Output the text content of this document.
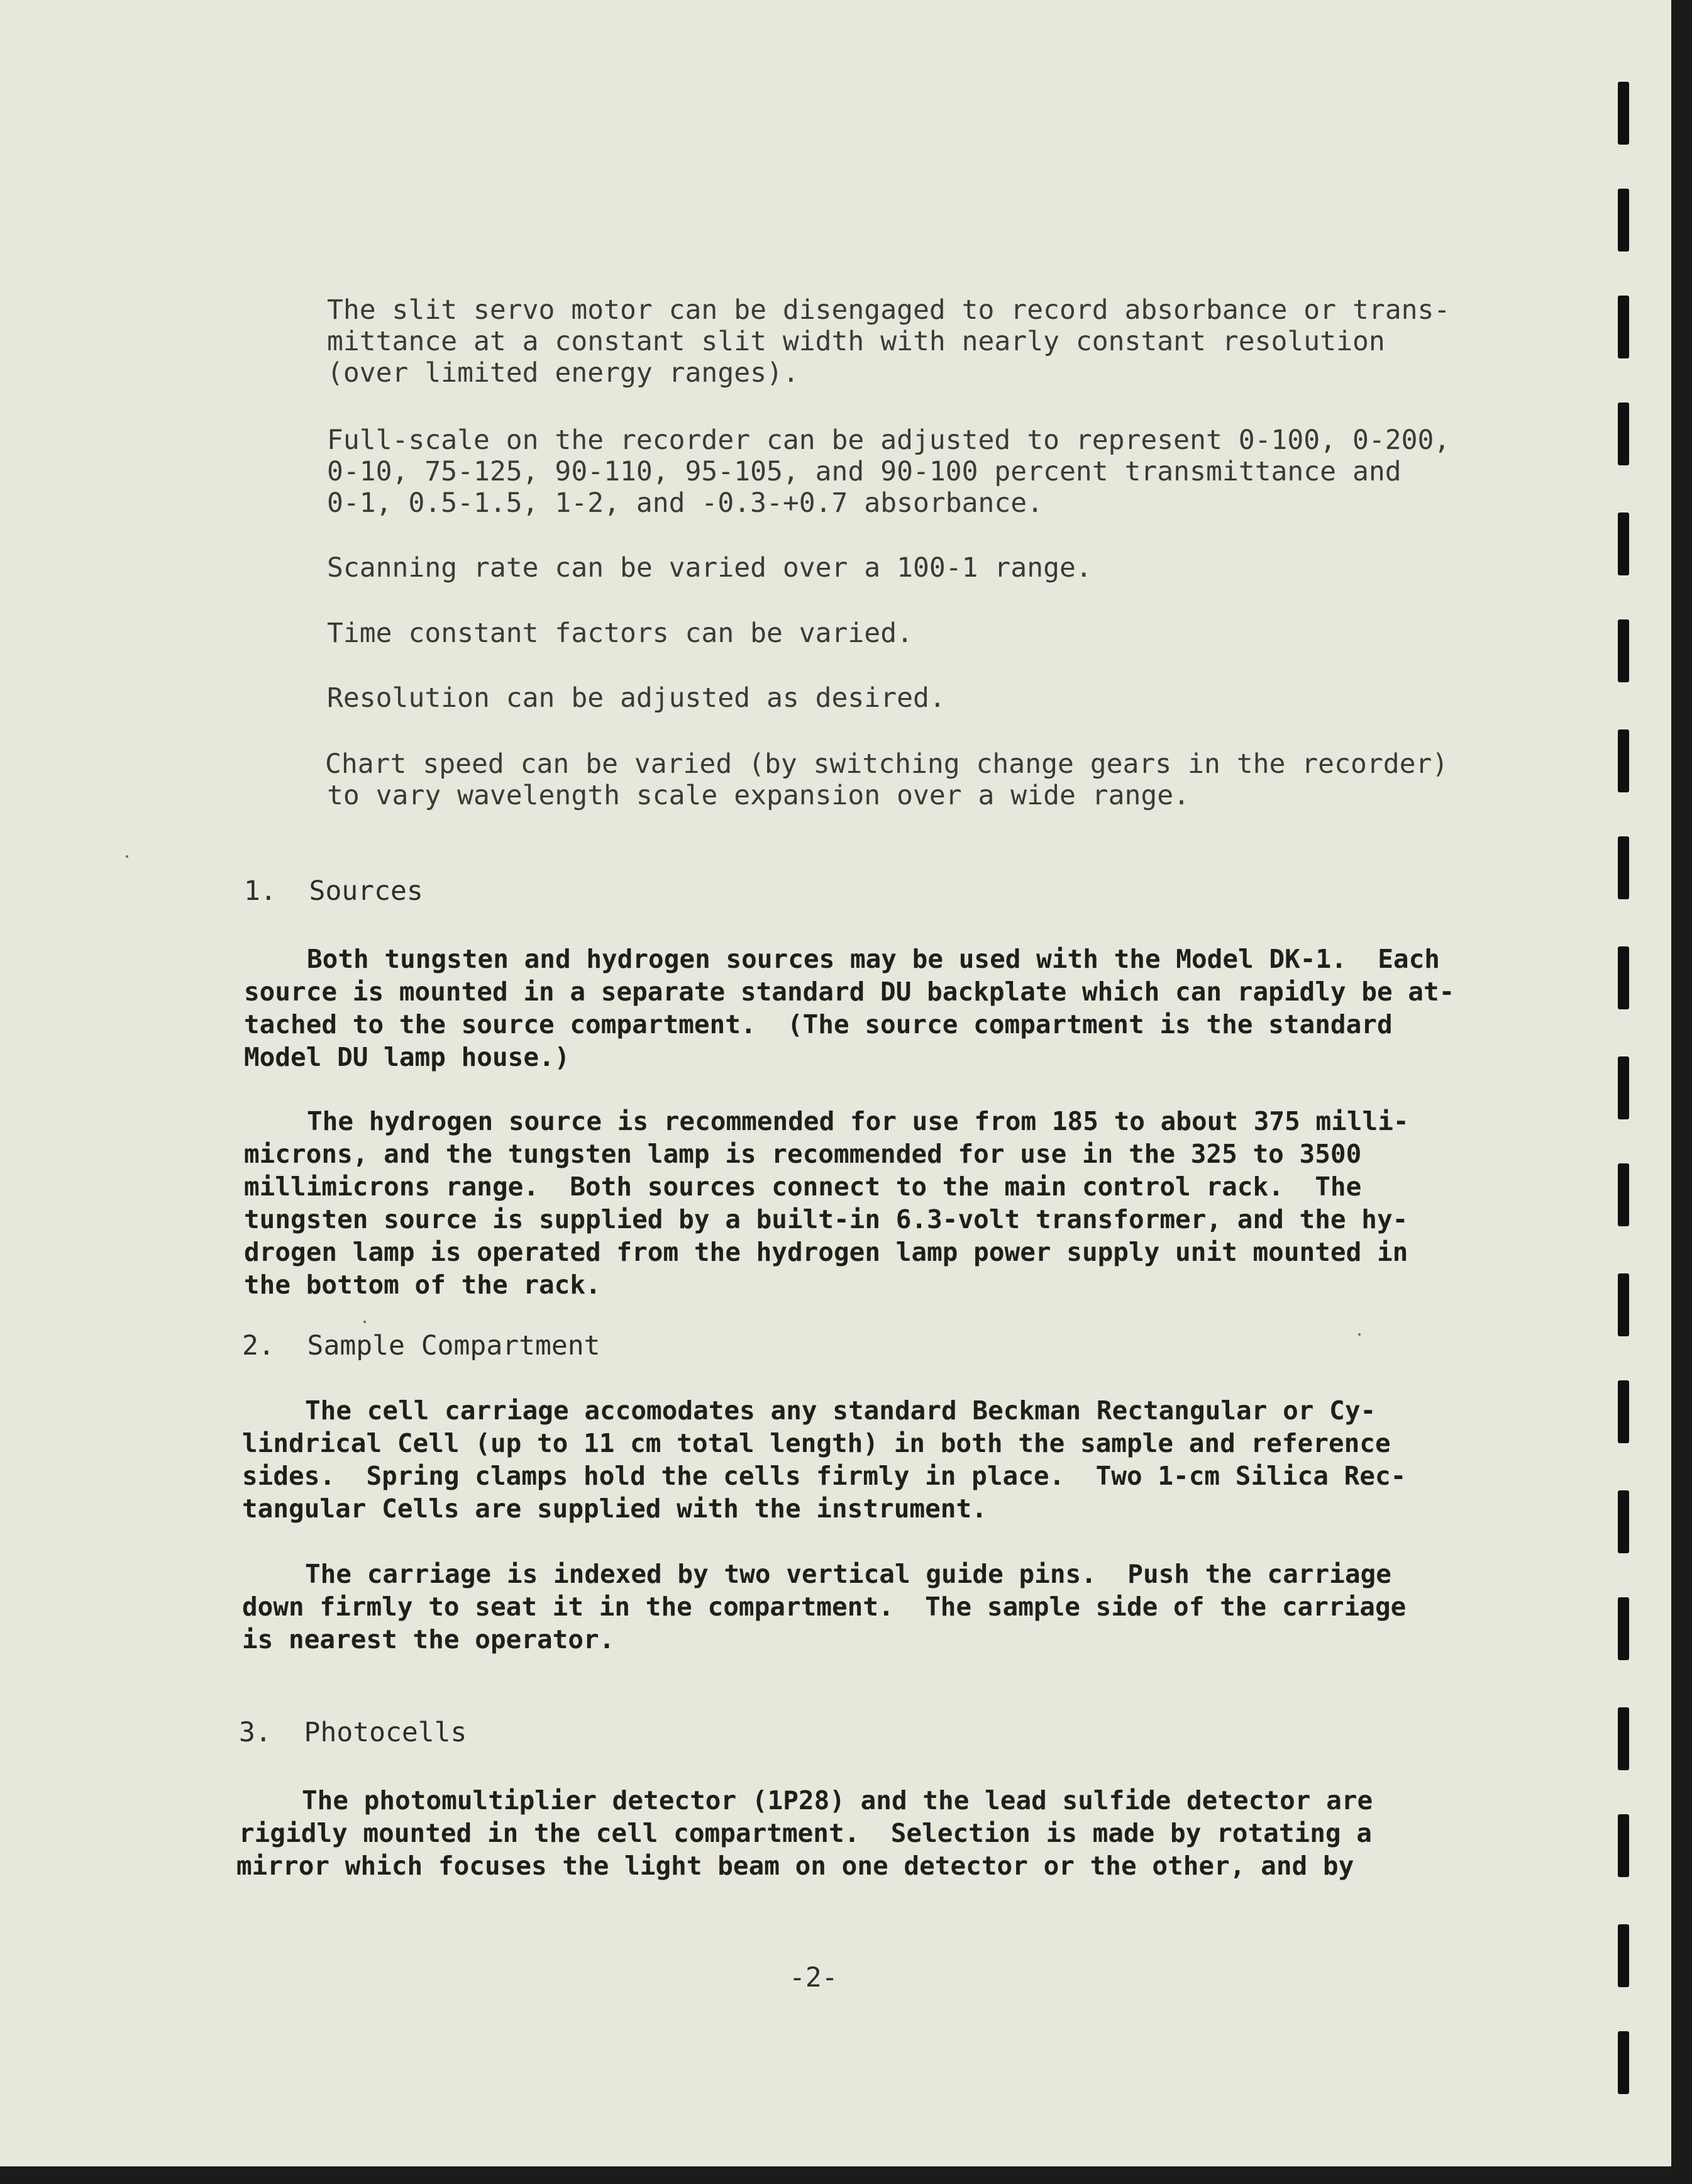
The slit servo motor can be disengaged to record absorbance or trans-
mittance at a constant slit width with nearly constant resolution
(over limited energy ranges).
Full-scale on the recorder can be adjusted to represent 0-100, 0-200,
0-10, 75-125, 90-110, 95-105, and 90-100 percent transmittance and
0-1, 0.5-1.5, 1-2, and -0.3-+0.7 absorbance.
Scanning rate can be varied over a 100-1 range.
Time constant factors can be varied.
Resolution can be adjusted as desired.
Chart speed can be varied (by switching change gears in the recorder)
to vary wavelength scale expansion over a wide range.
1.  Sources
Both tungsten and hydrogen sources may be used with the Model DK-1.  Each
source is mounted in a separate standard DU backplate which can rapidly be at-
tached to the source compartment.  (The source compartment is the standard
Model DU lamp house.)
The hydrogen source is recommended for use from 185 to about 375 milli-
microns, and the tungsten lamp is recommended for use in the 325 to 3500
millimicrons range.  Both sources connect to the main control rack.  The
tungsten source is supplied by a built-in 6.3-volt transformer, and the hy-
drogen lamp is operated from the hydrogen lamp power supply unit mounted in
the bottom of the rack.
2.  Sample Compartment
The cell carriage accomodates any standard Beckman Rectangular or Cy-
lindrical Cell (up to 11 cm total length) in both the sample and reference
sides.  Spring clamps hold the cells firmly in place.  Two 1-cm Silica Rec-
tangular Cells are supplied with the instrument.
The carriage is indexed by two vertical guide pins.  Push the carriage
down firmly to seat it in the compartment.  The sample side of the carriage
is nearest the operator.
3.  Photocells
The photomultiplier detector (1P28) and the lead sulfide detector are
rigidly mounted in the cell compartment.  Selection is made by rotating a
mirror which focuses the light beam on one detector or the other, and by
-2-
